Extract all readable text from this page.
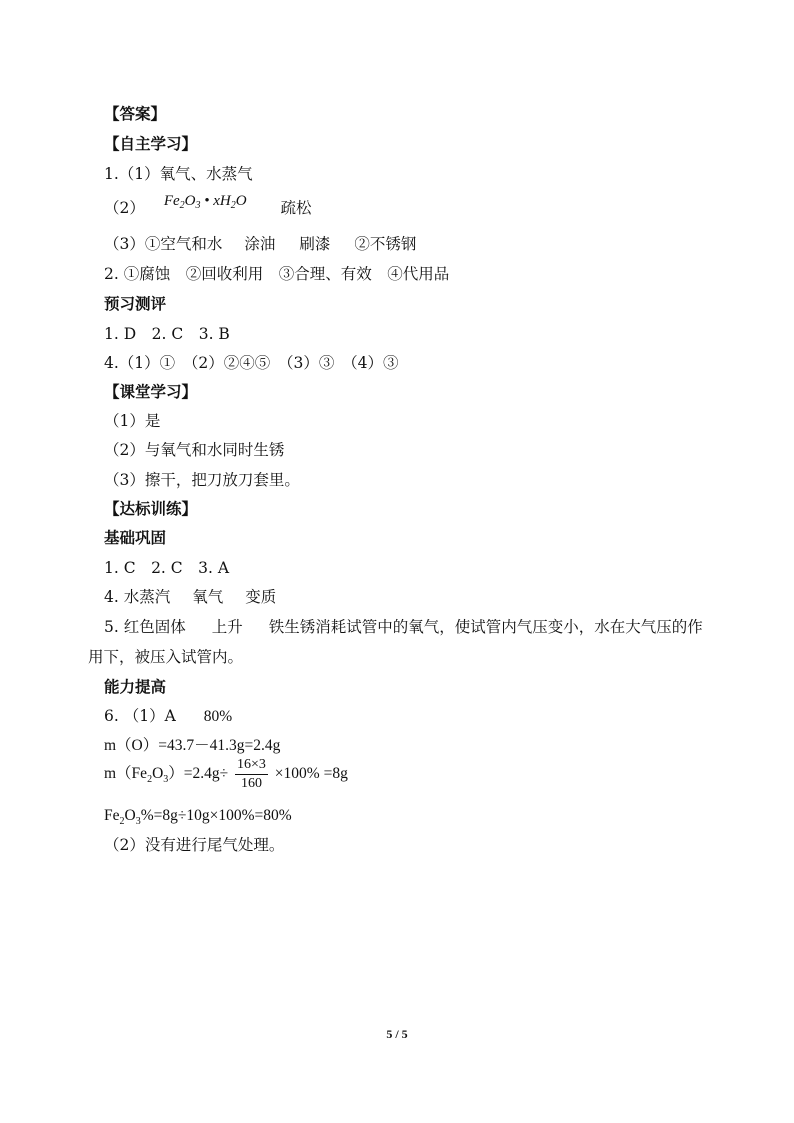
【答案】
【自主学习】
1.（1）氧气、水蒸气
（2） $Fe_2O_3$ • $xH_2O$ 疏松
（3）①空气和水 涂油 刷漆 ②不锈钢
2. ①腐蚀　②回收利用　③合理、有效　④代用品
预习测评
1. D　2. C　3. B
4.（1）①　（2）②④⑤　（3）③　（4）③
【课堂学习】
（1）是
（2）与氧气和水同时生锈
（3）擦干，把刀放刀套里。
【达标训练】
基础巩固
1. C　2. C　3. A
4. 水蒸汽 氧气 变质
5. 红色固体 上升 铁生锈消耗试管中的氧气，使试管内气压变小，水在大气压的作
用下，被压入试管内。
能力提高
6. （1）A 80%
m（O）=43.7－41.3g=2.4g
$m(Fe_2O_3)=2.4g\div \frac{16\times 3}{160} \times 100\% =8g$
$Fe_2O_3\%=8g\div 10g\times 100\%=80\%$
（2）没有进行尾气处理。
5 / 5
